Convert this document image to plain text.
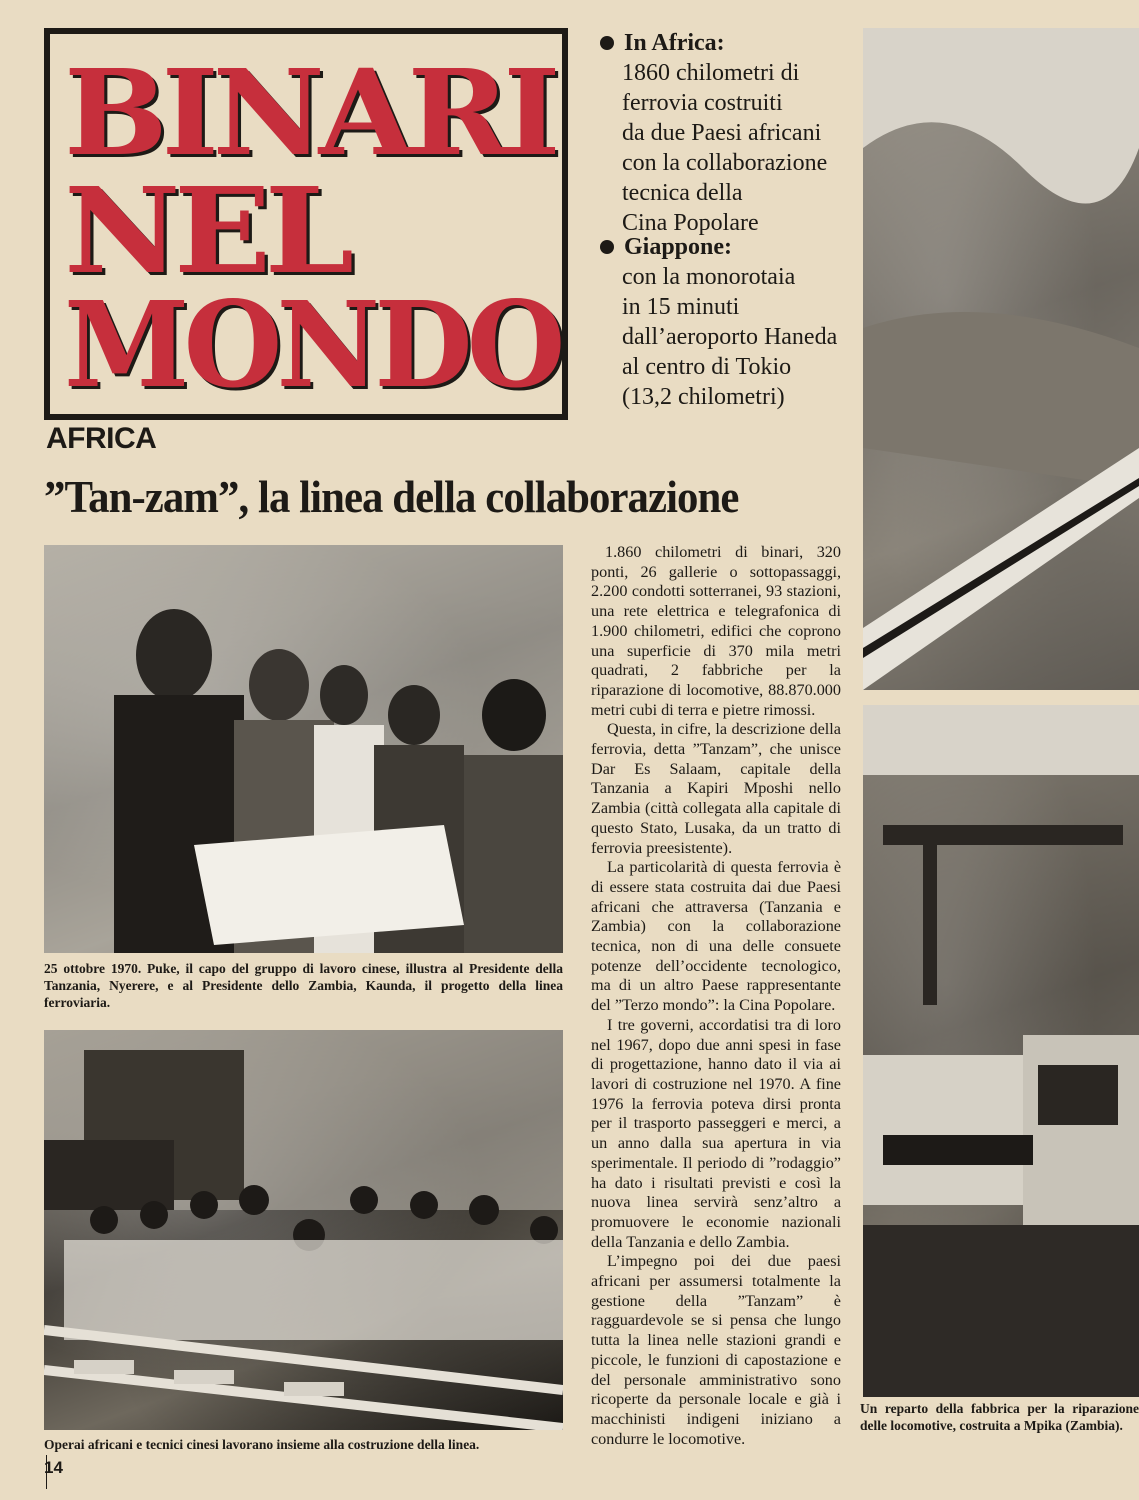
BINARI
NEL
MONDO
In Africa:
1860 chilometri di
ferrovia costruiti
da due Paesi africani
con la collaborazione
tecnica della
Cina Popolare
Giappone:
con la monorotaia
in 15 minuti
dall’aeroporto Haneda
al centro di Tokio
(13,2 chilometri)
AFRICA
”Tan-zam”, la linea della collaborazione
25 ottobre 1970. Puke, il capo del gruppo di lavoro cinese, illustra al Presidente della Tanzania, Nyerere, e al Presidente dello Zambia, Kaunda, il progetto della linea ferroviaria.
Operai africani e tecnici cinesi lavorano insieme alla costruzione della linea.
Un reparto della fabbrica per la riparazione delle locomotive, costruita a Mpika (Zambia).

1.860 chilometri di binari, 320 ponti, 26 gallerie o sottopassaggi, 2.200 condotti sotterranei, 93 stazioni, una rete elettrica e telegrafonica di 1.900 chilometri, edifici che coprono una superficie di 370 mila metri quadrati, 2 fabbriche per la riparazione di locomotive, 88.870.000 metri cubi di terra e pietre rimossi.

Questa, in cifre, la descrizione della ferrovia, detta ”Tanzam”, che unisce Dar Es Salaam, capitale della Tanzania a Kapiri Mposhi nello Zambia (città collegata alla capitale di questo Stato, Lusaka, da un tratto di ferrovia preesistente).

La particolarità di questa ferrovia è di essere stata costruita dai due Paesi africani che attraversa (Tanzania e Zambia) con la collaborazione tecnica, non di una delle consuete potenze dell’occidente tecnologico, ma di un altro Paese rappresentante del ”Terzo mondo”: la Cina Popolare.

I tre governi, accordatisi tra di loro nel 1967, dopo due anni spesi in fase di progettazione, hanno dato il via ai lavori di costruzione nel 1970. A fine 1976 la ferrovia poteva dirsi pronta per il trasporto passeggeri e merci, a un anno dalla sua apertura in via sperimentale. Il periodo di ”rodaggio” ha dato i risultati previsti e così la nuova linea servirà senz’altro a promuovere le economie nazionali della Tanzania e dello Zambia.

L’impegno poi dei due paesi africani per assumersi totalmente la gestione della ”Tanzam” è ragguardevole se si pensa che lungo tutta la linea nelle stazioni grandi e piccole, le funzioni di capostazione e del personale amministrativo sono ricoperte da personale locale e già i macchinisti indigeni iniziano a condurre le locomotive.

14
